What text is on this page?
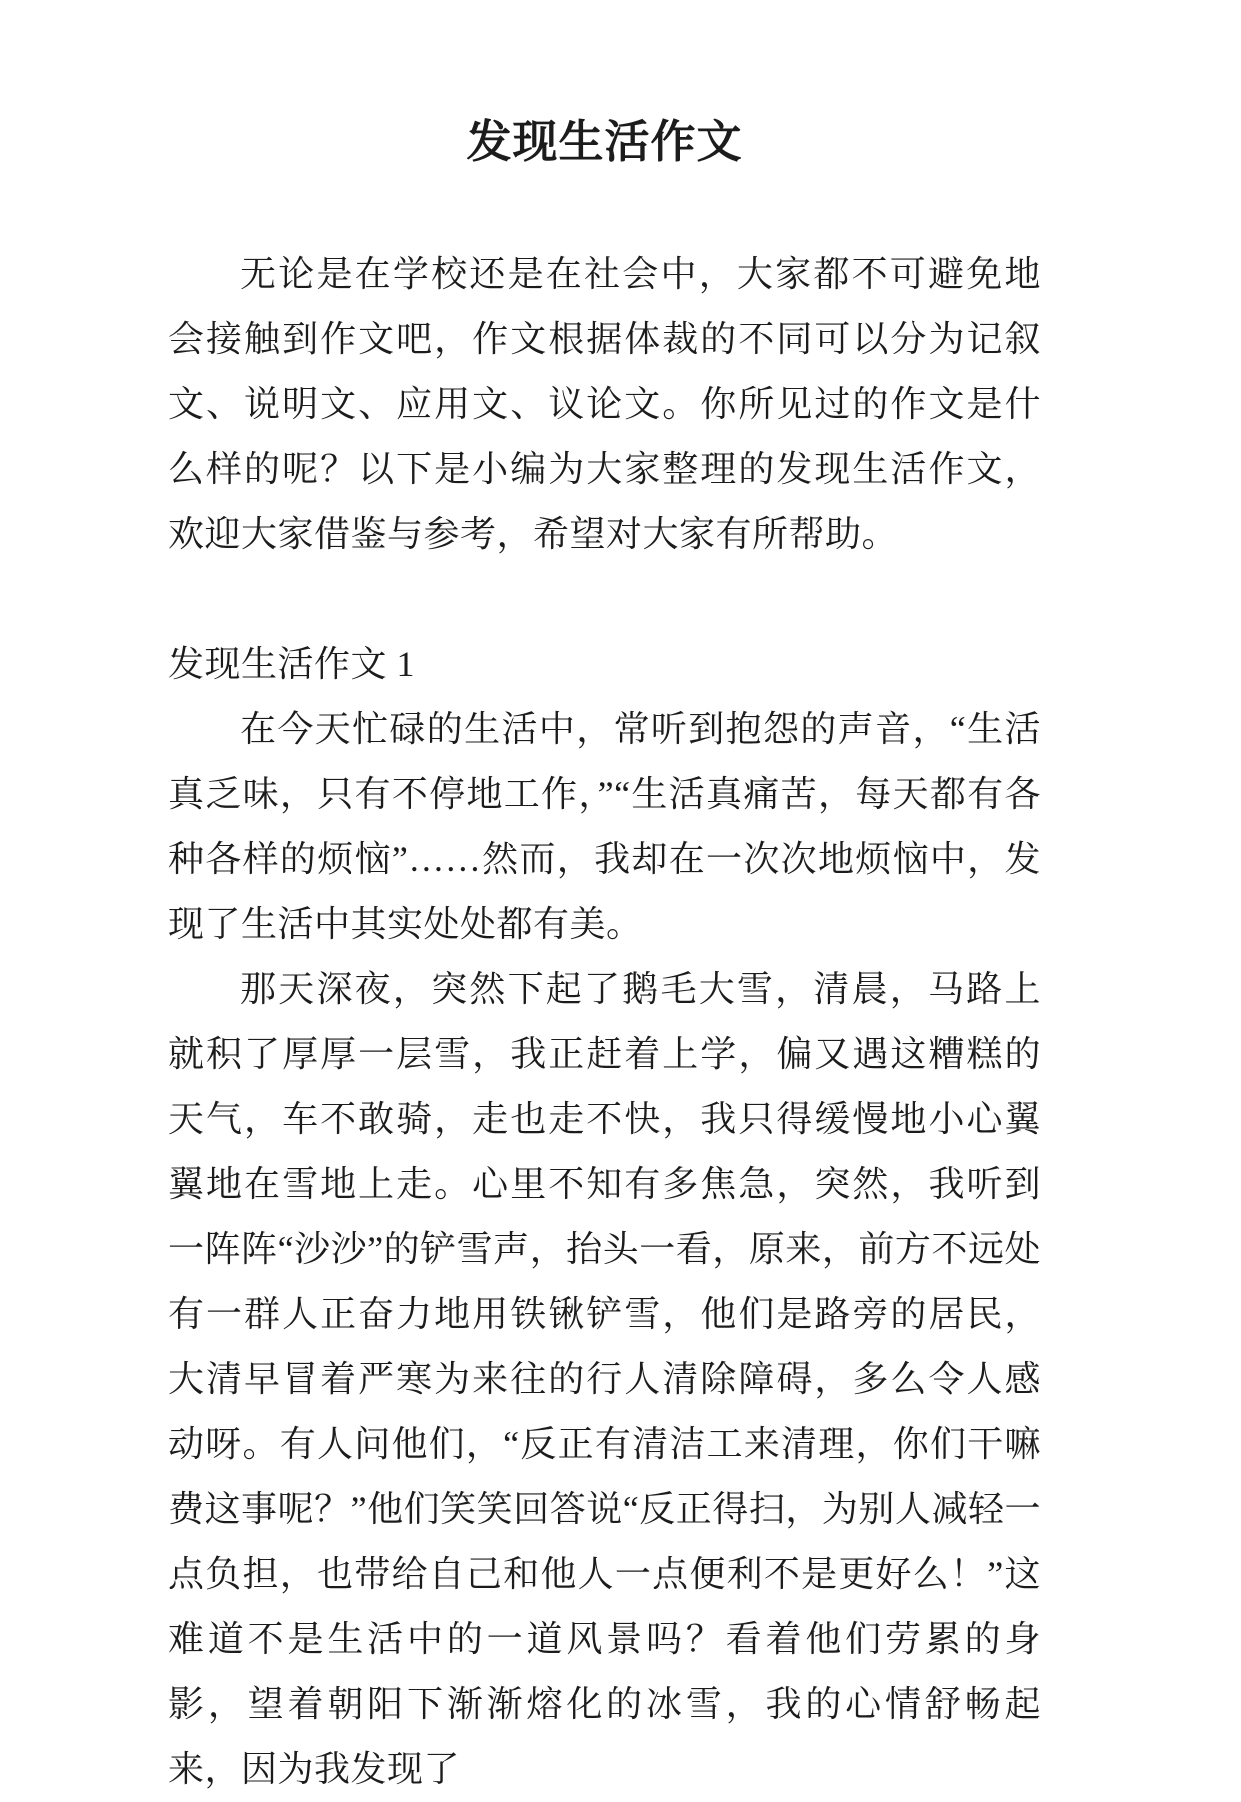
发现生活作文

无论是在学校还是在社会中，大家都不可避免地会接触到作文吧，作文根据体裁的不同可以分为记叙文、说明文、应用文、议论文。你所见过的作文是什么样的呢？以下是小编为大家整理的发现生活作文，欢迎大家借鉴与参考，希望对大家有所帮助。

发现生活作文 1

在今天忙碌的生活中，常听到抱怨的声音，“生活真乏味，只有不停地工作，”“生活真痛苦，每天都有各种各样的烦恼”……然而，我却在一次次地烦恼中，发现了生活中其实处处都有美。

那天深夜，突然下起了鹅毛大雪，清晨，马路上就积了厚厚一层雪，我正赶着上学，偏又遇这糟糕的天气，车不敢骑，走也走不快，我只得缓慢地小心翼翼地在雪地上走。心里不知有多焦急，突然，我听到一阵阵“沙沙”的铲雪声，抬头一看，原来，前方不远处有一群人正奋力地用铁锹铲雪，他们是路旁的居民，大清早冒着严寒为来往的行人清除障碍，多么令人感动呀。有人问他们，“反正有清洁工来清理，你们干嘛费这事呢？”他们笑笑回答说“反正得扫，为别人减轻一点负担，也带给自己和他人一点便利不是更好么！”这难道不是生活中的一道风景吗？看着他们劳累的身影，望着朝阳下渐渐熔化的冰雪，我的心情舒畅起来，因为我发现了
